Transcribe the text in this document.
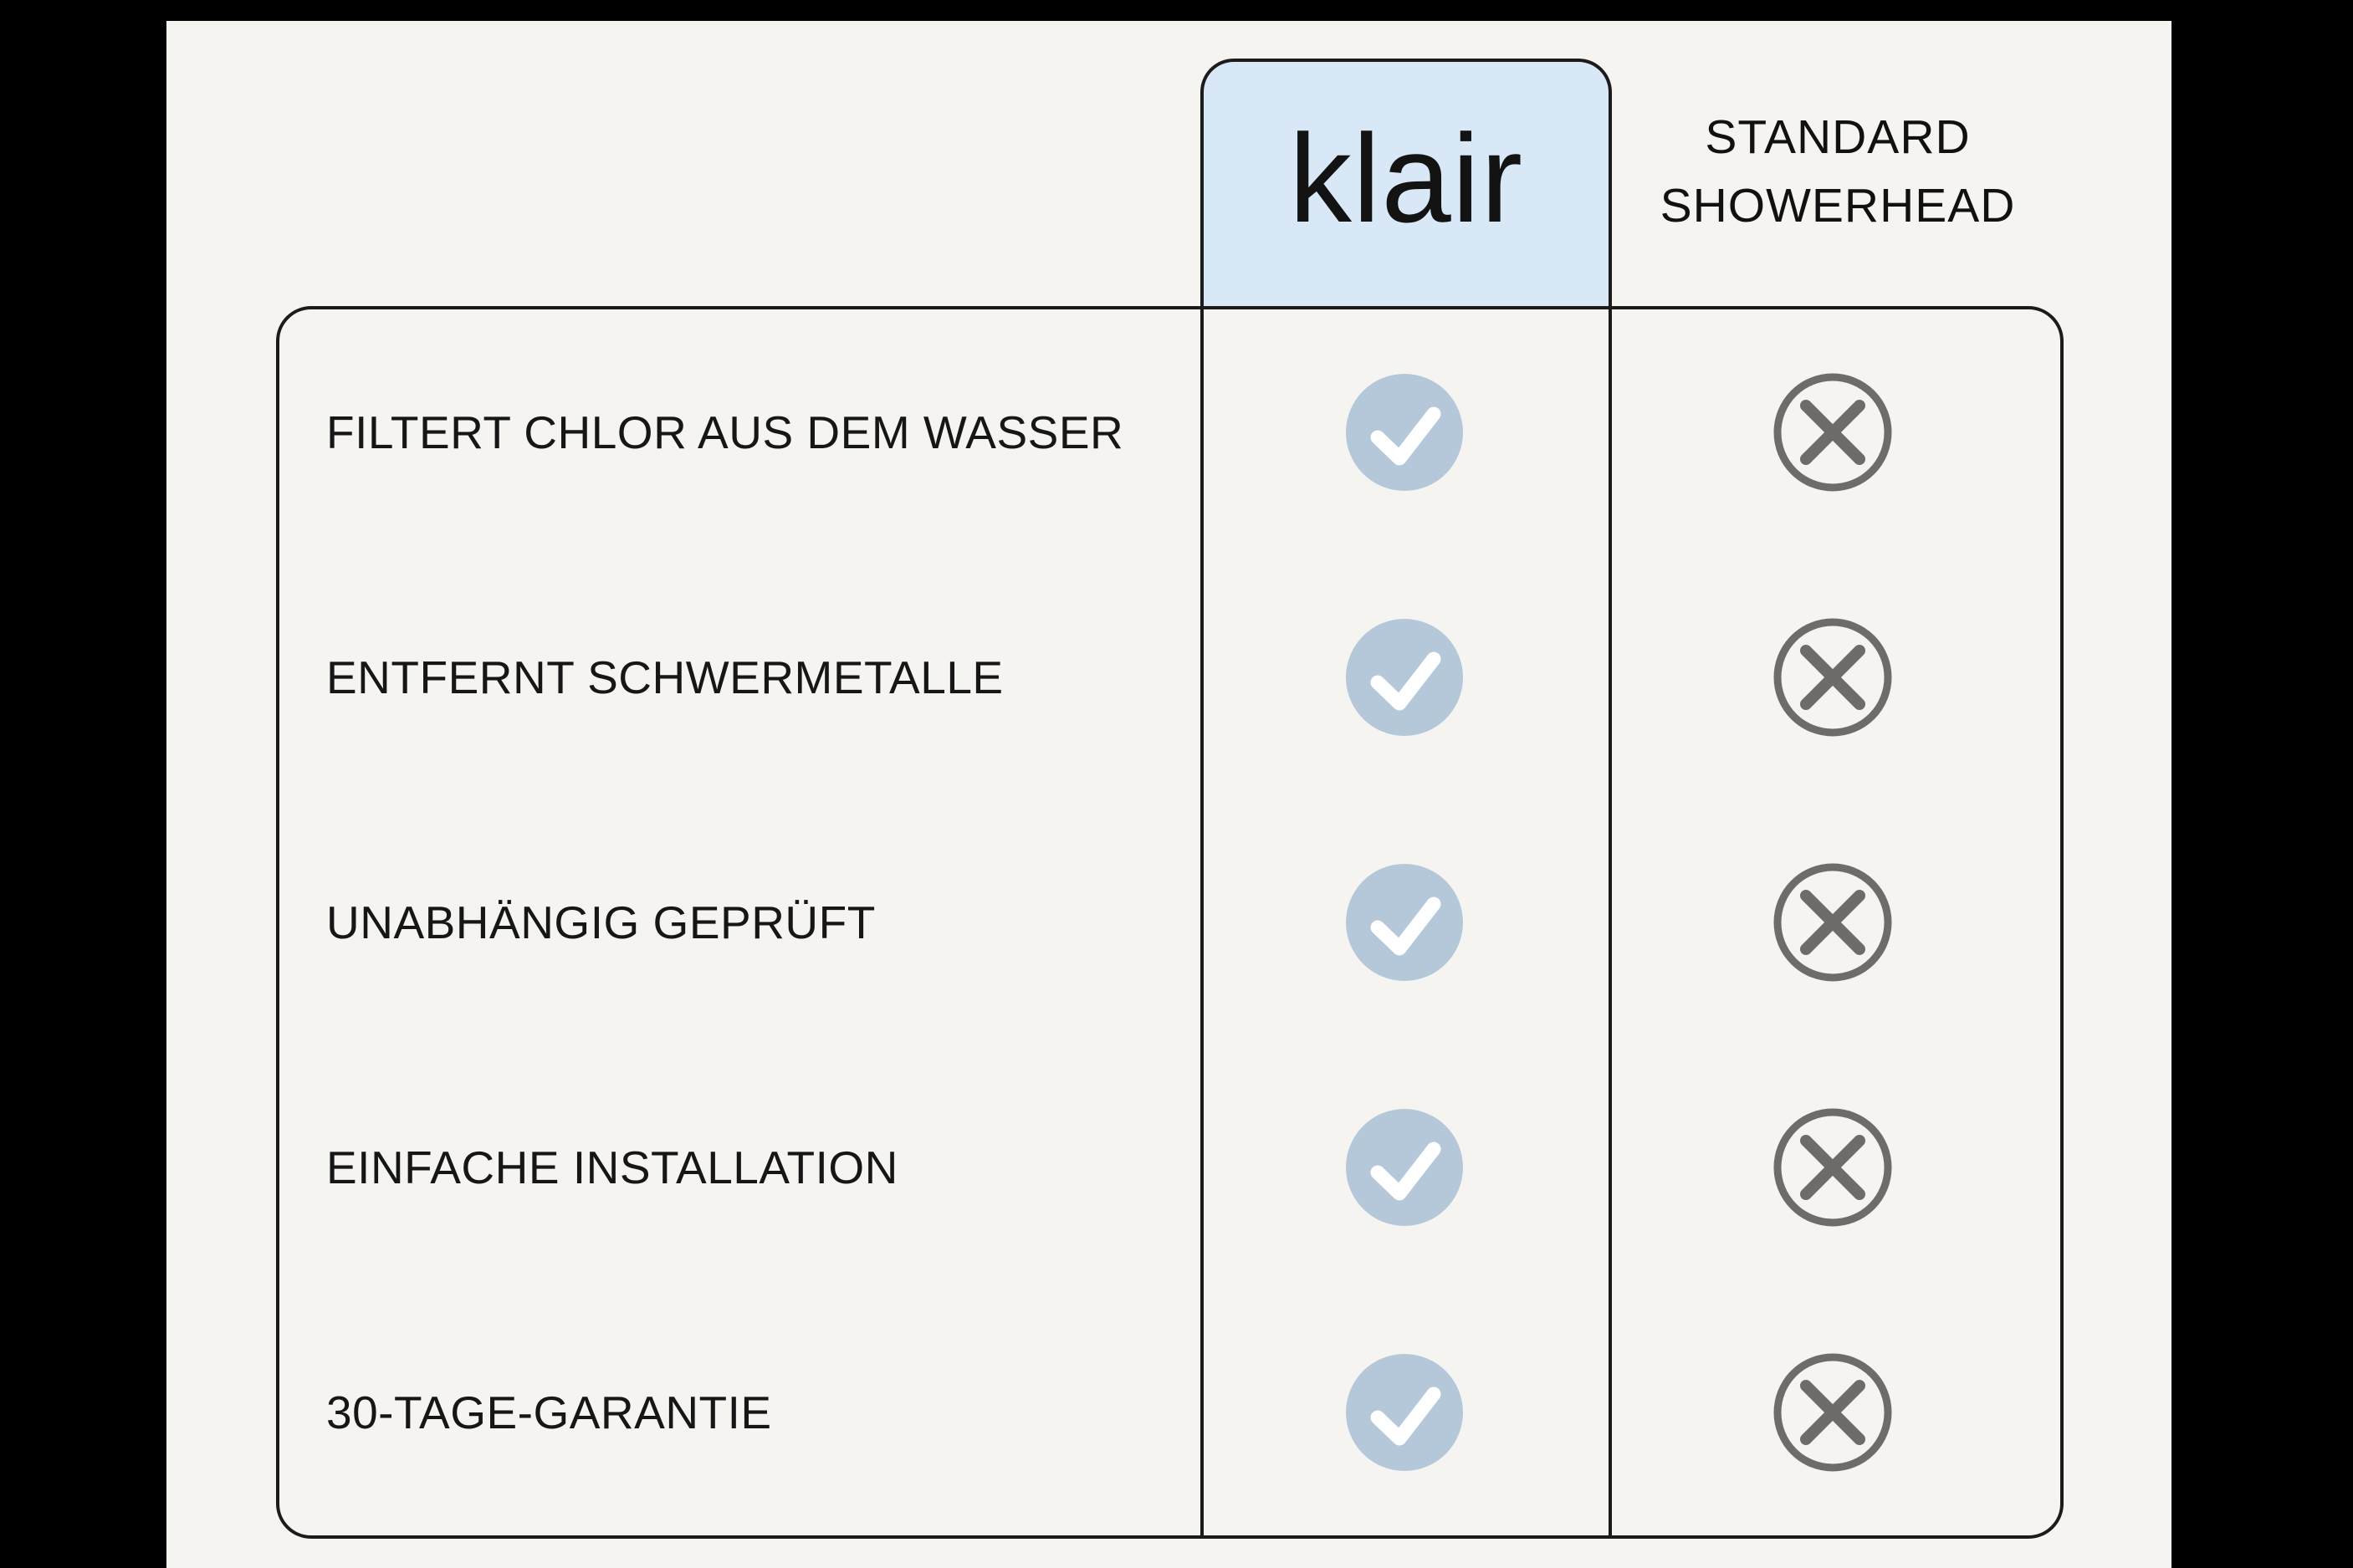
klair	STANDARD
SHOWERHEAD
FILTERT CHLOR AUS DEM WASSER
ENTFERNT SCHWERMETALLE
UNABHÄNGIG GEPRÜFT
EINFACHE INSTALLATION
30-TAGE-GARANTIE
